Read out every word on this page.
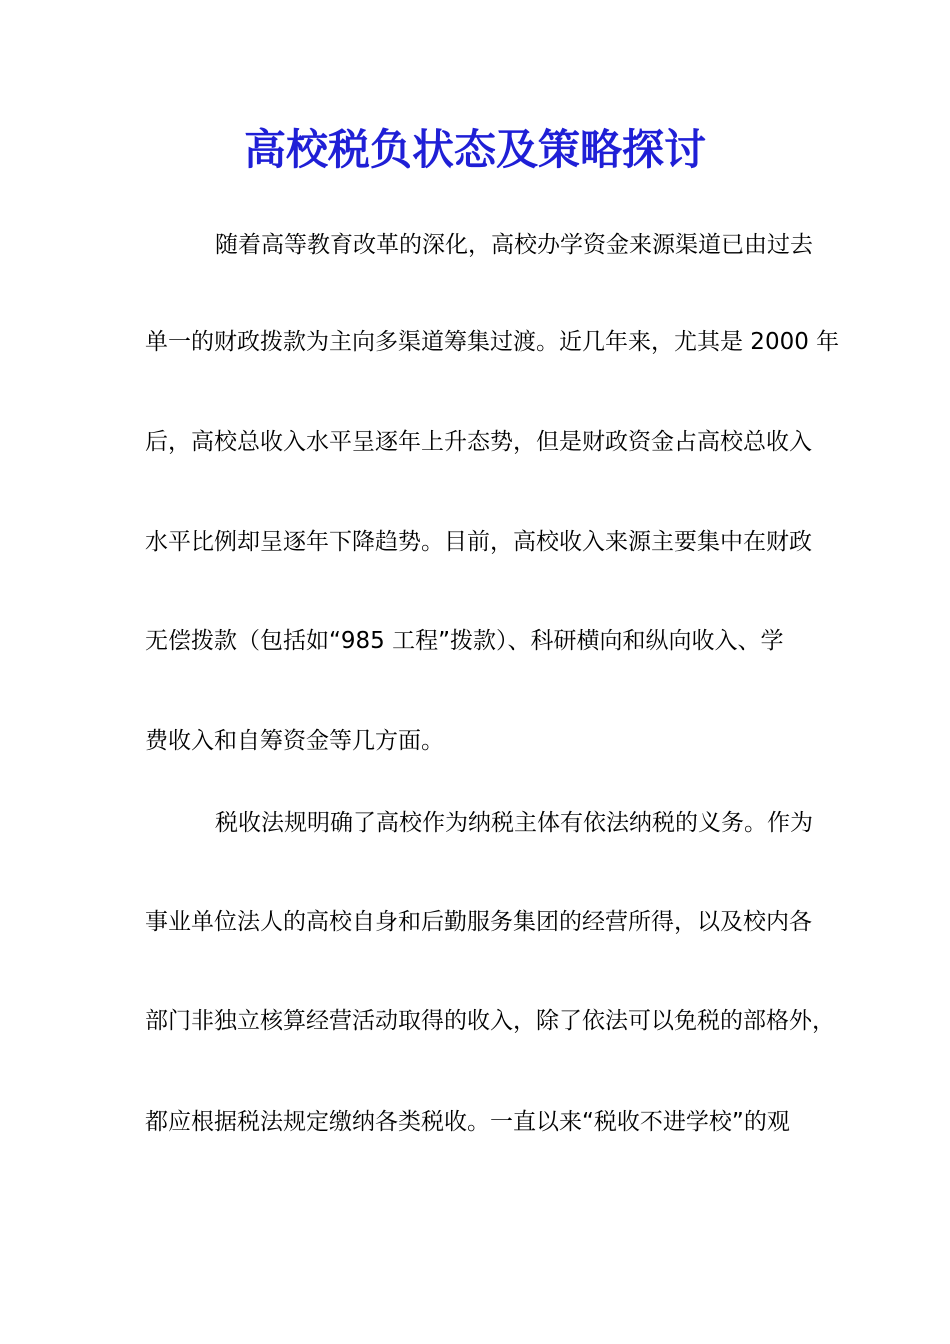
高校税负状态及策略探讨
随着高等教育改革的深化，高校办学资金来源渠道已由过去
单一的财政拨款为主向多渠道筹集过渡。近几年来，尤其是 2000 年
后，高校总收入水平呈逐年上升态势，但是财政资金占高校总收入
水平比例却呈逐年下降趋势。目前，高校收入来源主要集中在财政
无偿拨款（包括如“985 工程”拨款）、科研横向和纵向收入、学
费收入和自筹资金等几方面。
税收法规明确了高校作为纳税主体有依法纳税的义务。作为
事业单位法人的高校自身和后勤服务集团的经营所得，以及校内各
部门非独立核算经营活动取得的收入，除了依法可以免税的部格外，
都应根据税法规定缴纳各类税收。一直以来“税收不进学校”的观
